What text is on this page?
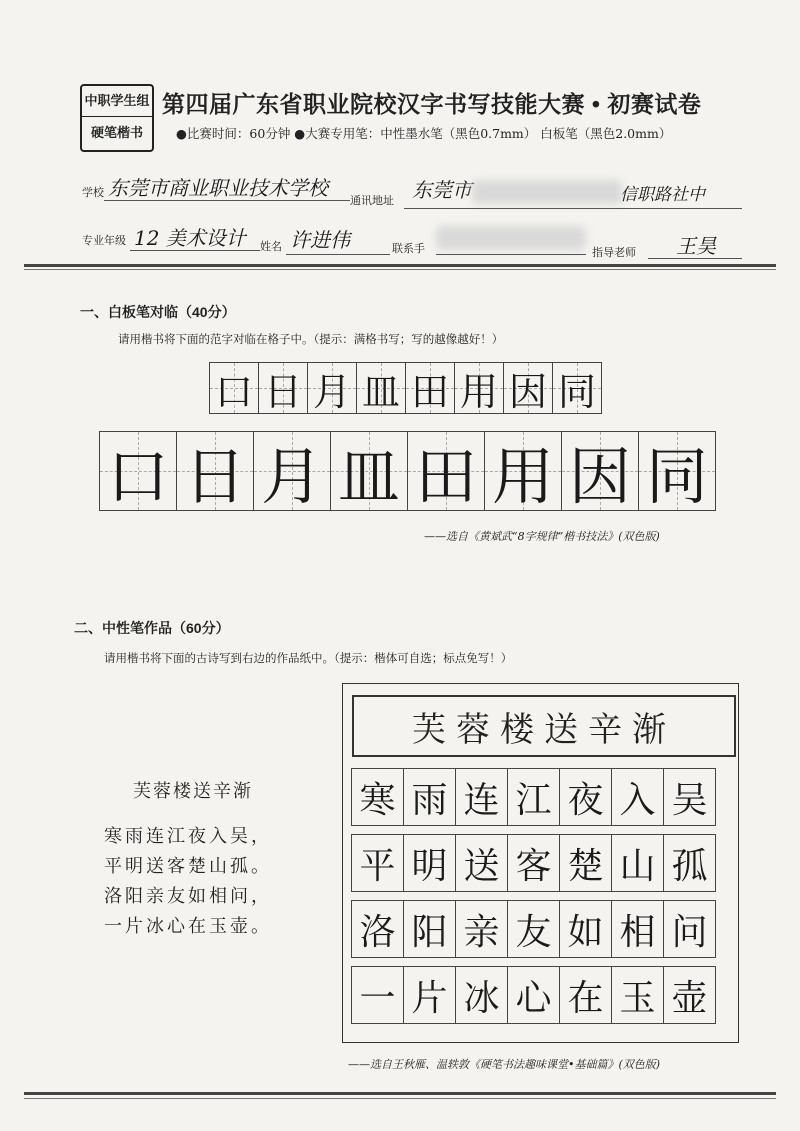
中职学生组
硬笔楷书
第四届广东省职业院校汉字书写技能大赛 • 初赛试卷
●比赛时间：60分钟 ●大赛专用笔：中性墨水笔（黑色0.7mm） 白板笔（黑色2.0mm）
学校 东莞市商业职业技术学校
通讯地址 东莞市	信职路社中
专业年级 12 美术设计 姓名 许进伟	联系手	指导老师 王昊
一、白板笔对临（40分）
请用楷书将下面的范字对临在格子中。（提示：满格书写；写的越像越好！）
口 日 月 皿 田 用 因 同
口 日 月 皿 田 用 因 同
——选自《黄斌武“8字规律”楷书技法》(双色版)
二、中性笔作品（60分）
请用楷书将下面的古诗写到右边的作品纸中。（提示：楷体可自选；标点免写！）
芙蓉楼送辛渐
寒雨连江夜入吴，
平明送客楚山孤。
洛阳亲友如相问，
一片冰心在玉壶。
芙蓉楼送辛渐
寒 雨 连 江 夜 入 吴
平 明 送 客 楚 山 孤
洛 阳 亲 友 如 相 问
一 片 冰 心 在 玉 壶
——选自王秋雁、温轶敦《硬笔书法趣味课堂•基础篇》(双色版)
